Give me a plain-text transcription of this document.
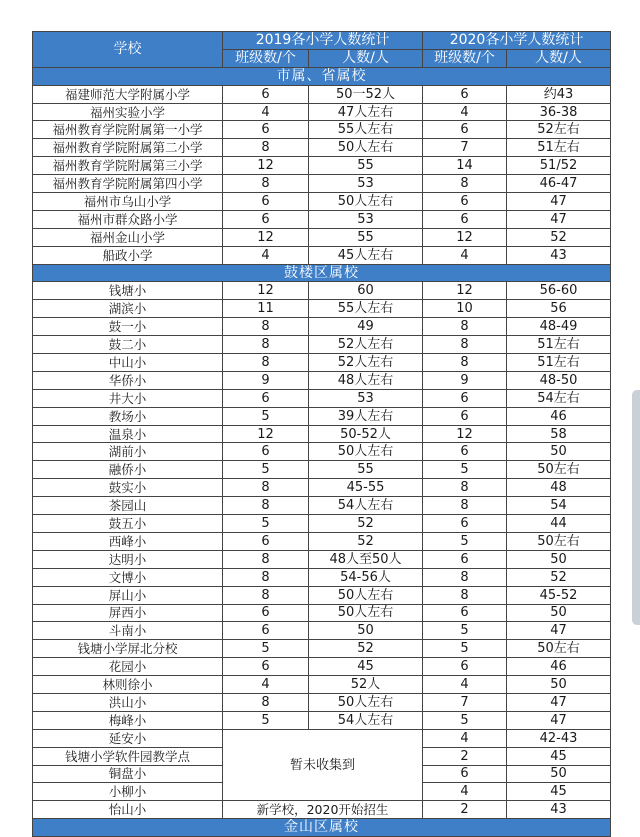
学校	2019各小学人数统计		2020各小学人数统计	
	班级数/个	人数/人	班级数/个	人数/人
市属、省属校				
福建师范大学附属小学	6	50一52人	6	约43
福州实验小学	4	47人左右	4	36-38
福州教育学院附属第一小学	6	55人左右	6	52左右
福州教育学院附属第二小学	8	50人左右	7	51左右
福州教育学院附属第三小学	12	55	14	51/52
福州教育学院附属第四小学	8	53	8	46-47
福州市乌山小学	6	50人左右	6	47
福州市群众路小学	6	53	6	47
福州金山小学	12	55	12	52
船政小学	4	45人左右	4	43
鼓楼区属校				
钱塘小	12	60	12	56-60
湖滨小	11	55人左右	10	56
鼓一小	8	49	8	48-49
鼓二小	8	52人左右	8	51左右
中山小	8	52人左右	8	51左右
华侨小	9	48人左右	9	48-50
井大小	6	53	6	54左右
教场小	5	39人左右	6	46
温泉小	12	50-52人	12	58
湖前小	6	50人左右	6	50
融侨小	5	55	5	50左右
鼓实小	8	45-55	8	48
茶园山	8	54人左右	8	54
鼓五小	5	52	6	44
西峰小	6	52	5	50左右
达明小	8	48人至50人	6	50
文博小	8	54-56人	8	52
屏山小	8	50人左右	8	45-52
屏西小	6	50人左右	6	50
斗南小	6	50	5	47
钱塘小学屏北分校	5	52	5	50左右
花园小	6	45	6	46
林则徐小	4	52人	4	50
洪山小	8	50人左右	7	47
梅峰小	5	54人左右	5	47
延安小	暂未收集到		4	42-43
钱塘小学软件园教学点			2	45
铜盘小			6	50
小柳小			4	45
怡山小	新学校，2020开始招生		2	43
金山区属校				
